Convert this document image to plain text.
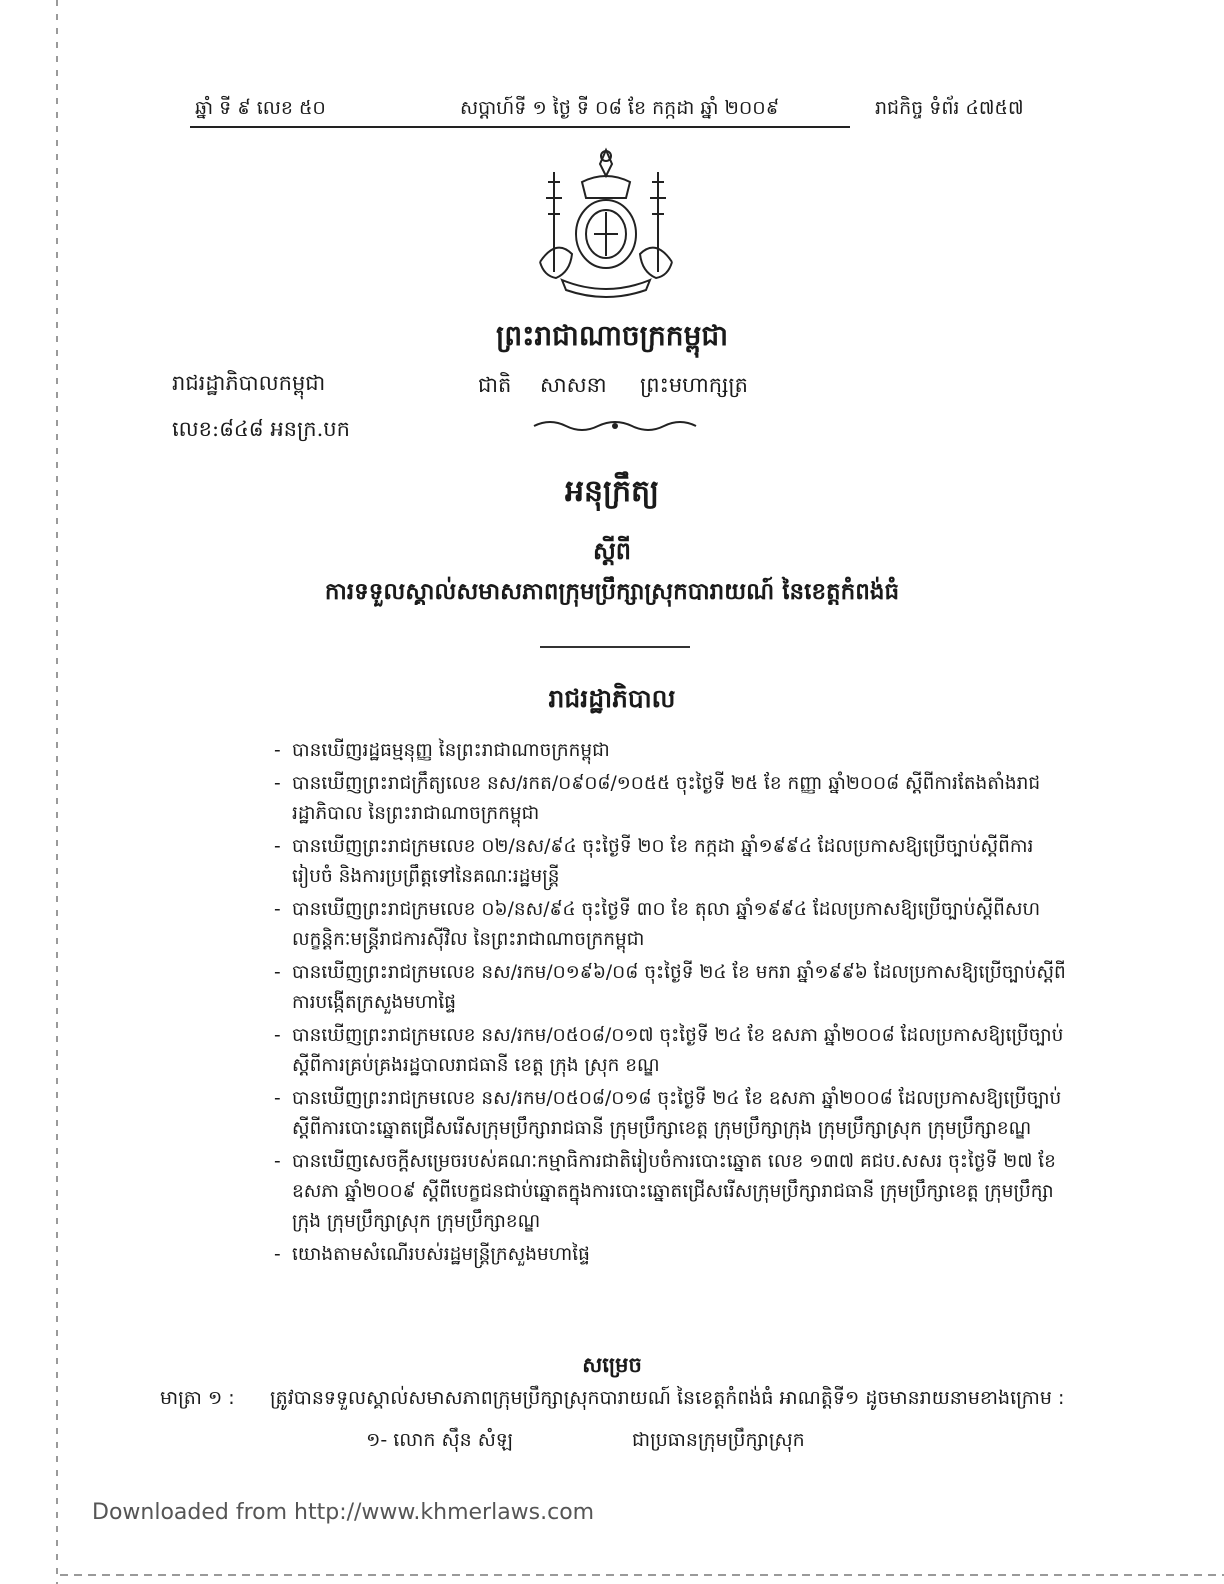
ឆ្នាំ ទី ៩ លេខ ៥០	សប្តាហ៍ទី ១ ថ្ងៃ ទី ០៨ ខែ កក្កដា ឆ្នាំ ២០០៩	រាជកិច្ច ទំព័រ ៤៧៥៧
ព្រះរាជាណាចក្រកម្ពុជា
រាជរដ្ឋាភិបាលកម្ពុជា	ជាតិ សាសនា ព្រះមហាក្សត្រ
លេខ:៨៤៨ អនក្រ.បក
អនុក្រឹត្យ
ស្តីពី
ការទទួលស្គាល់សមាសភាពក្រុមប្រឹក្សាស្រុកបារាយណ៍ នៃខេត្តកំពង់ធំ
រាជរដ្ឋាភិបាល
- បានឃើញរដ្ឋធម្មនុញ្ញ នៃព្រះរាជាណាចក្រកម្ពុជា
- បានឃើញព្រះរាជក្រឹត្យលេខ នស/រកត/០៩០៨/១០៥៥ ចុះថ្ងៃទី ២៥ ខែ កញ្ញា ឆ្នាំ២០០៨ ស្តីពីការតែងតាំងរាជរដ្ឋាភិបាល នៃព្រះរាជាណាចក្រកម្ពុជា
- បានឃើញព្រះរាជក្រមលេខ ០២/នស/៩៤ ចុះថ្ងៃទី ២០ ខែ កក្កដា ឆ្នាំ១៩៩៤ ដែលប្រកាសឱ្យប្រើច្បាប់ស្តីពីការរៀបចំ និងការប្រព្រឹត្តទៅនៃគណៈរដ្ឋមន្ត្រី
- បានឃើញព្រះរាជក្រមលេខ ០៦/នស/៩៤ ចុះថ្ងៃទី ៣០ ខែ តុលា ឆ្នាំ១៩៩៤ ដែលប្រកាសឱ្យប្រើច្បាប់ស្តីពីសហលក្ខន្តិកៈមន្ត្រីរាជការស៊ីវិល នៃព្រះរាជាណាចក្រកម្ពុជា
- បានឃើញព្រះរាជក្រមលេខ នស/រកម/០១៩៦/០៨ ចុះថ្ងៃទី ២៤ ខែ មករា ឆ្នាំ១៩៩៦ ដែលប្រកាសឱ្យប្រើច្បាប់ស្តីពីការបង្កើតក្រសួងមហាផ្ទៃ
- បានឃើញព្រះរាជក្រមលេខ នស/រកម/០៥០៨/០១៧ ចុះថ្ងៃទី ២៤ ខែ ឧសភា ឆ្នាំ២០០៨ ដែលប្រកាសឱ្យប្រើច្បាប់ស្តីពីការគ្រប់គ្រងរដ្ឋបាលរាជធានី ខេត្ត ក្រុង ស្រុក ខណ្ឌ
- បានឃើញព្រះរាជក្រមលេខ នស/រកម/០៥០៨/០១៨ ចុះថ្ងៃទី ២៤ ខែ ឧសភា ឆ្នាំ២០០៨ ដែលប្រកាសឱ្យប្រើច្បាប់ស្តីពីការបោះឆ្នោតជ្រើសរើសក្រុមប្រឹក្សារាជធានី ក្រុមប្រឹក្សាខេត្ត ក្រុមប្រឹក្សាក្រុង ក្រុមប្រឹក្សាស្រុក ក្រុមប្រឹក្សាខណ្ឌ
- បានឃើញសេចក្តីសម្រេចរបស់គណៈកម្មាធិការជាតិរៀបចំការបោះឆ្នោត លេខ ១៣៧ គជប.សសរ ចុះថ្ងៃទី ២៧ ខែ ឧសភា ឆ្នាំ២០០៩ ស្តីពីបេក្ខជនជាប់ឆ្នោតក្នុងការបោះឆ្នោតជ្រើសរើសក្រុមប្រឹក្សារាជធានី ក្រុមប្រឹក្សាខេត្ត ក្រុមប្រឹក្សាក្រុង ក្រុមប្រឹក្សាស្រុក ក្រុមប្រឹក្សាខណ្ឌ
- យោងតាមសំណើរបស់រដ្ឋមន្ត្រីក្រសួងមហាផ្ទៃ
សម្រេច
មាត្រា ១ : ត្រូវបានទទួលស្គាល់សមាសភាពក្រុមប្រឹក្សាស្រុកបារាយណ៍ នៃខេត្តកំពង់ធំ អាណត្តិទី១ ដូចមានរាយនាមខាងក្រោម :
១- លោក ស៊ឹន សំឡ	ជាប្រធានក្រុមប្រឹក្សាស្រុក
Downloaded from http://www.khmerlaws.com
